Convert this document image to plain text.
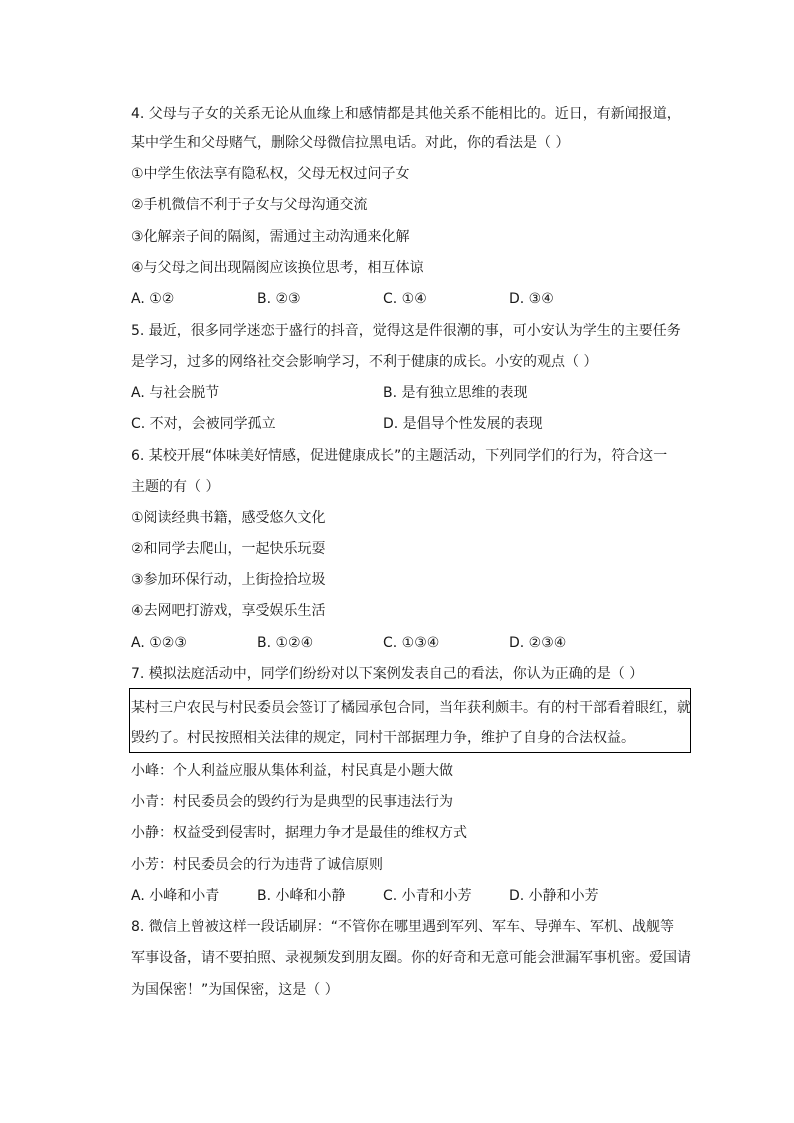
4. 父母与子女的关系无论从血缘上和感情都是其他关系不能相比的。近日，有新闻报道，
某中学生和父母赌气，删除父母微信拉黑电话。对此，你的看法是（ ）
①中学生依法享有隐私权，父母无权过问子女
②手机微信不利于子女与父母沟通交流
③化解亲子间的隔阂，需通过主动沟通来化解
④与父母之间出现隔阂应该换位思考，相互体谅
A. ①②	B. ②③	C. ①④	D. ③④
5. 最近，很多同学迷恋于盛行的抖音，觉得这是件很潮的事，可小安认为学生的主要任务
是学习，过多的网络社交会影响学习，不利于健康的成长。小安的观点（ ）
A. 与社会脱节	B. 是有独立思维的表现
C. 不对，会被同学孤立	D. 是倡导个性发展的表现
6. 某校开展“体味美好情感，促进健康成长”的主题活动，下列同学们的行为，符合这一
主题的有（ ）
①阅读经典书籍，感受悠久文化
②和同学去爬山，一起快乐玩耍
③参加环保行动，上街捡拾垃圾
④去网吧打游戏，享受娱乐生活
A. ①②③	B. ①②④	C. ①③④	D. ②③④
7. 模拟法庭活动中，同学们纷纷对以下案例发表自己的看法，你认为正确的是（ ）
某村三户农民与村民委员会签订了橘园承包合同，当年获利颇丰。有的村干部看着眼红，就
毁约了。村民按照相关法律的规定，同村干部据理力争，维护了自身的合法权益。
小峰：个人利益应服从集体利益，村民真是小题大做
小青：村民委员会的毁约行为是典型的民事违法行为
小静：权益受到侵害时，据理力争才是最佳的维权方式
小芳：村民委员会的行为违背了诚信原则
A. 小峰和小青	B. 小峰和小静	C. 小青和小芳	D. 小静和小芳
8. 微信上曾被这样一段话刷屏：“不管你在哪里遇到军列、军车、导弹车、军机、战舰等
军事设备，请不要拍照、录视频发到朋友圈。你的好奇和无意可能会泄漏军事机密。爱国请
为国保密！”为国保密，这是（ ）
